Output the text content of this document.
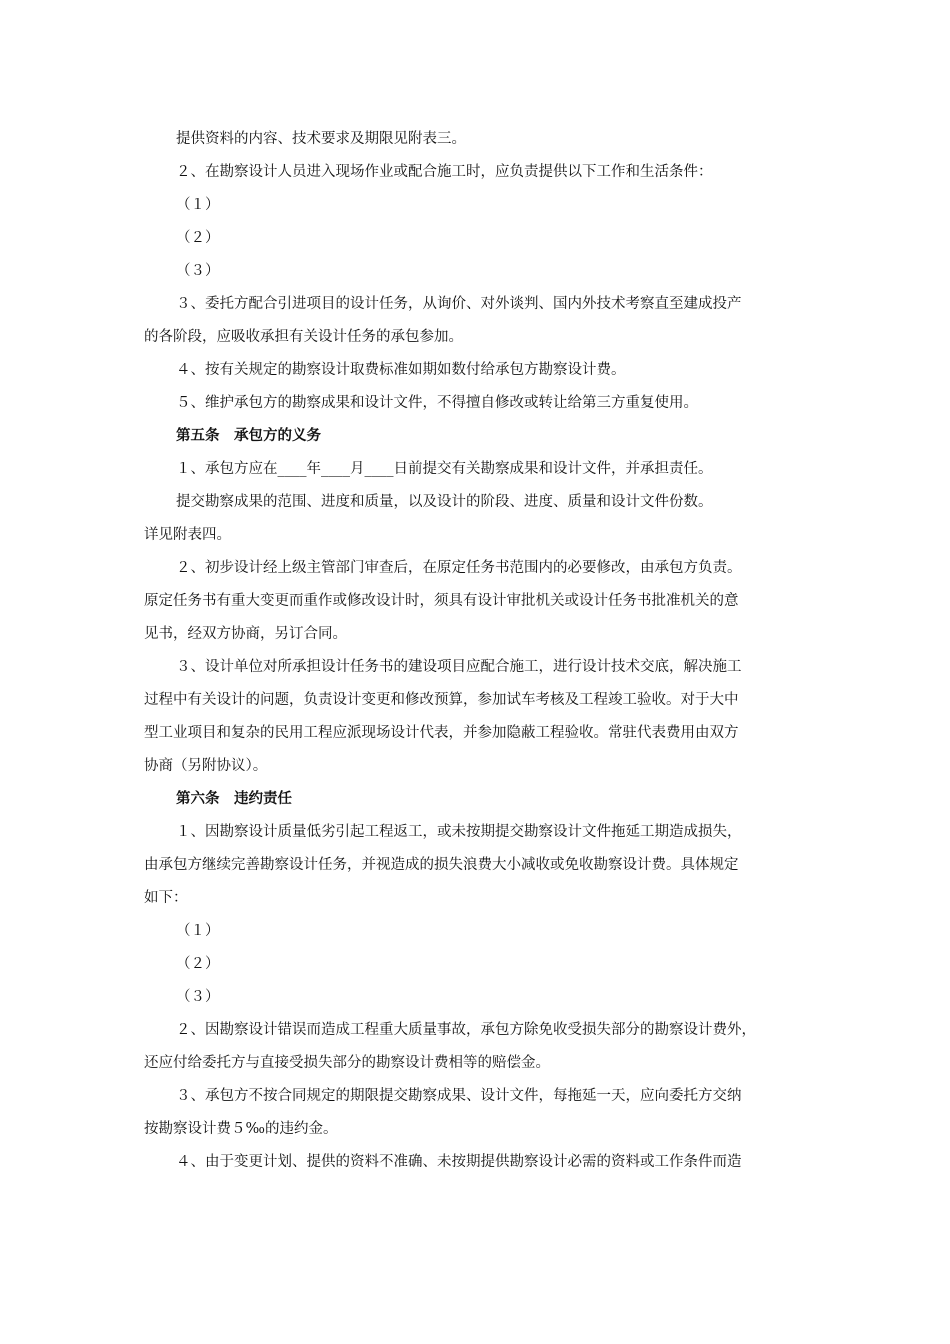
提供资料的内容、技术要求及期限见附表三。
２、在勘察设计人员进入现场作业或配合施工时，应负责提供以下工作和生活条件：
（１）
（２）
（３）
３、委托方配合引进项目的设计任务，从询价、对外谈判、国内外技术考察直至建成投产
的各阶段，应吸收承担有关设计任务的承包参加。
４、按有关规定的勘察设计取费标准如期如数付给承包方勘察设计费。
５、维护承包方的勘察成果和设计文件，不得擅自修改或转让给第三方重复使用。
第五条　承包方的义务
１、承包方应在____年____月____日前提交有关勘察成果和设计文件，并承担责任。
提交勘察成果的范围、进度和质量，以及设计的阶段、进度、质量和设计文件份数。
详见附表四。
２、初步设计经上级主管部门审查后，在原定任务书范围内的必要修改，由承包方负责。
原定任务书有重大变更而重作或修改设计时，须具有设计审批机关或设计任务书批准机关的意
见书，经双方协商，另订合同。
３、设计单位对所承担设计任务书的建设项目应配合施工，进行设计技术交底，解决施工
过程中有关设计的问题，负责设计变更和修改预算，参加试车考核及工程竣工验收。对于大中
型工业项目和复杂的民用工程应派现场设计代表，并参加隐蔽工程验收。常驻代表费用由双方
协商（另附协议）。
第六条　违约责任
１、因勘察设计质量低劣引起工程返工，或未按期提交勘察设计文件拖延工期造成损失，
由承包方继续完善勘察设计任务，并视造成的损失浪费大小减收或免收勘察设计费。具体规定
如下：
（１）
（２）
（３）
２、因勘察设计错误而造成工程重大质量事故，承包方除免收受损失部分的勘察设计费外，
还应付给委托方与直接受损失部分的勘察设计费相等的赔偿金。
３、承包方不按合同规定的期限提交勘察成果、设计文件，每拖延一天，应向委托方交纳
按勘察设计费５‰的违约金。
４、由于变更计划、提供的资料不准确、未按期提供勘察设计必需的资料或工作条件而造
